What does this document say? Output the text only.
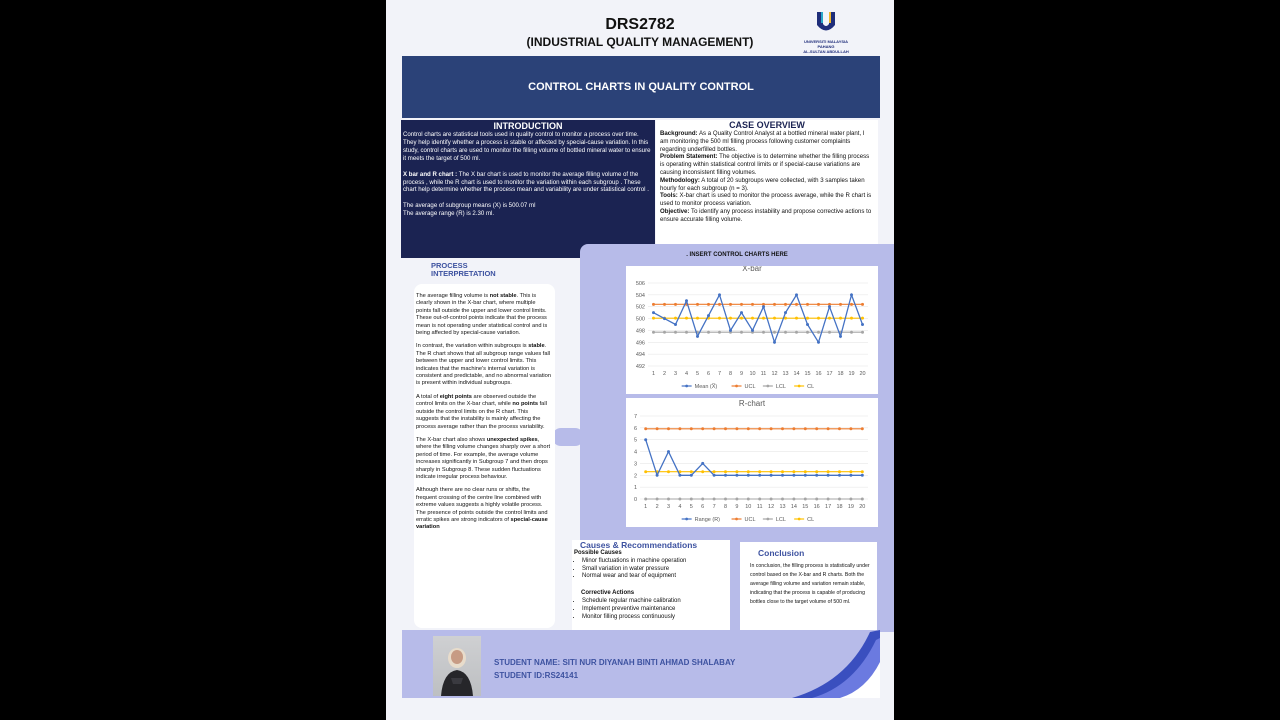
DRS2782
(INDUSTRIAL QUALITY MANAGEMENT)	UNIVERSITI MALAYSIA PAHANG
AL-SULTAN ABDULLAH
CONTROL CHARTS IN QUALITY CONTROL
INTRODUCTION

Control charts are statistical tools used in quality control to monitor a process over time. They help identify whether a process is stable or affected by special-cause variation. In this study, control charts are used to monitor the filling volume of bottled mineral water to ensure it meets the target of 500 ml.

X bar and R chart : The X bar chart is used to monitor the average filling volume of the process , while the R chart is used to monitor the variation within each subgroup . These chart help determine whether the process mean and variability are under statistical control .

The average of subgroup means (X) is 500.07 ml

The average range (R) is 2.30 ml.

CASE OVERVIEW

Background: As a Quality Control Analyst at a bottled mineral water plant, I am monitoring the 500 ml filling process following customer complaints regarding underfilled bottles.

Problem Statement: The objective is to determine whether the filling process is operating within statistical control limits or if special-cause variations are causing inconsistent filling volumes.

Methodology: A total of 20 subgroups were collected, with 3 samples taken hourly for each subgroup (n = 3).

Tools: X-bar chart is used to monitor the process average, while the R chart is used to monitor process variation.

Objective: To identify any process instability and propose corrective actions to ensure accurate filling volume.

. INSERT CONTROL CHARTS HERE
PROCESS
INTERPRETATION

The average filling volume is not stable. This is clearly shown in the X-bar chart, where multiple points fall outside the upper and lower control limits. These out-of-control points indicate that the process mean is not operating under statistical control and is being affected by special-cause variation.

In contrast, the variation within subgroups is stable. The R chart shows that all subgroup range values fall between the upper and lower control limits. This indicates that the machine's internal variation is consistent and predictable, and no abnormal variation is present within individual subgroups.

A total of eight points are observed outside the control limits on the X-bar chart, while no points fall outside the control limits on the R chart. This suggests that the instability is mainly affecting the process average rather than the process variability.

The X-bar chart also shows unexpected spikes, where the filling volume changes sharply over a short period of time. For example, the average volume increases significantly in Subgroup 7 and then drops sharply in Subgroup 8. These sudden fluctuations indicate irregular process behaviour.

Although there are no clear runs or shifts, the frequent crossing of the centre line combined with extreme values suggests a highly volatile process. The presence of points outside the control limits and erratic spikes are strong indicators of special-cause variation

X-bar
492
494
496
498
500
502
504
506
1 2 3 4 5 6 7 8 9 10 11 12 13 14 15 16 17 18 19 20
Mean (X̅)	UCL	LCL	CL
R-chart
0
1
2
3
4
5
6
7
1 2 3 4 5 6 7 8 9 10 11 12 13 14 15 16 17 18 19 20
Range (R)	UCL	LCL	CL
Causes & Recommendations
Possible Causes
• Minor fluctuations in machine operation
• Small variation in water pressure
• Normal wear and tear of equipment
Corrective Actions
• Schedule regular machine calibration
• Implement preventive maintenance
• Monitor filling process continuously
Conclusion

In conclusion, the filling process is statistically under control based on the X-bar and R charts. Both the average filling volume and variation remain stable, indicating that the process is capable of producing bottles close to the target volume of 500 ml.

STUDENT NAME: SITI NUR DIYANAH BINTI AHMAD SHALABAY
STUDENT ID:RS24141
